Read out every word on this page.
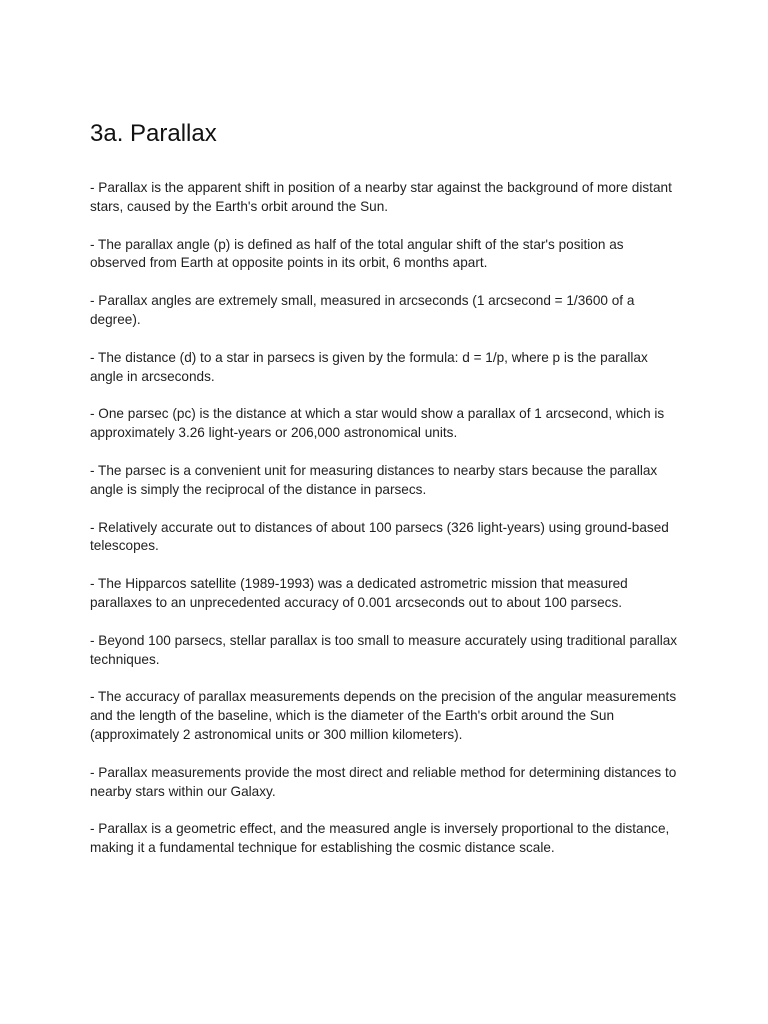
3a. Parallax

- Parallax is the apparent shift in position of a nearby star against the background of more distant stars, caused by the Earth's orbit around the Sun.

- The parallax angle (p) is defined as half of the total angular shift of the star's position as observed from Earth at opposite points in its orbit, 6 months apart.

- Parallax angles are extremely small, measured in arcseconds (1 arcsecond = 1/3600 of a degree).

- The distance (d) to a star in parsecs is given by the formula: d = 1/p, where p is the parallax angle in arcseconds.

- One parsec (pc) is the distance at which a star would show a parallax of 1 arcsecond, which is approximately 3.26 light-years or 206,000 astronomical units.

- The parsec is a convenient unit for measuring distances to nearby stars because the parallax angle is simply the reciprocal of the distance in parsecs.

- Relatively accurate out to distances of about 100 parsecs (326 light-years) using ground-based telescopes.

- The Hipparcos satellite (1989-1993) was a dedicated astrometric mission that measured parallaxes to an unprecedented accuracy of 0.001 arcseconds out to about 100 parsecs.

- Beyond 100 parsecs, stellar parallax is too small to measure accurately using traditional parallax techniques.

- The accuracy of parallax measurements depends on the precision of the angular measurements and the length of the baseline, which is the diameter of the Earth's orbit around the Sun (approximately 2 astronomical units or 300 million kilometers).

- Parallax measurements provide the most direct and reliable method for determining distances to nearby stars within our Galaxy.

- Parallax is a geometric effect, and the measured angle is inversely proportional to the distance, making it a fundamental technique for establishing the cosmic distance scale.
